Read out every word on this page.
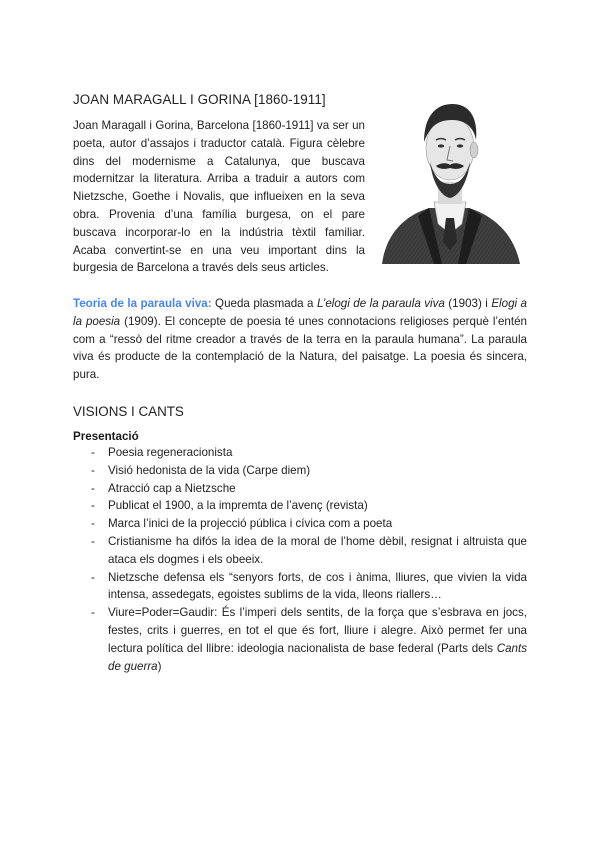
JOAN MARAGALL I GORINA [1860-1911]
Joan Maragall i Gorina, Barcelona [1860-1911] va ser un poeta, autor d’assajos i traductor català. Figura cèlebre dins del modernisme a Catalunya, que buscava modernitzar la literatura. Arriba a traduir a autors com Nietzsche, Goethe i Novalis, que influeixen en la seva obra. Provenia d’una família burgesa, on el pare buscava incorporar-lo en la indústria tèxtil familiar. Acaba convertint-se en una veu important dins la burgesia de Barcelona a través dels seus articles.
Teoria de la paraula viva: Queda plasmada a L’elogi de la paraula viva (1903) i Elogi a la poesia (1909). El concepte de poesia té unes connotacions religioses perquè l’entén com a “ressò del ritme creador a través de la terra en la paraula humana”. La paraula viva és producte de la contemplació de la Natura, del paisatge. La poesia és sincera, pura.
VISIONS I CANTS
Presentació
- Poesia regeneracionista
- Visió hedonista de la vida (Carpe diem)
- Atracció cap a Nietzsche
- Publicat el 1900, a la impremta de l’avenç (revista)
- Marca l’inici de la projecció pública i cívica com a poeta
- Cristianisme ha difós la idea de la moral de l’home dèbil, resignat i altruista que ataca els dogmes i els obeeix.
- Nietzsche defensa els “senyors forts, de cos i ànima, lliures, que vivien la vida intensa, assedegats, egoistes sublims de la vida, lleons riallers…
- Viure=Poder=Gaudir: És l’imperi dels sentits, de la força que s’esbrava en jocs, festes, crits i guerres, en tot el que és fort, lliure i alegre. Això permet fer una lectura política del llibre: ideologia nacionalista de base federal (Parts dels Cants de guerra)
